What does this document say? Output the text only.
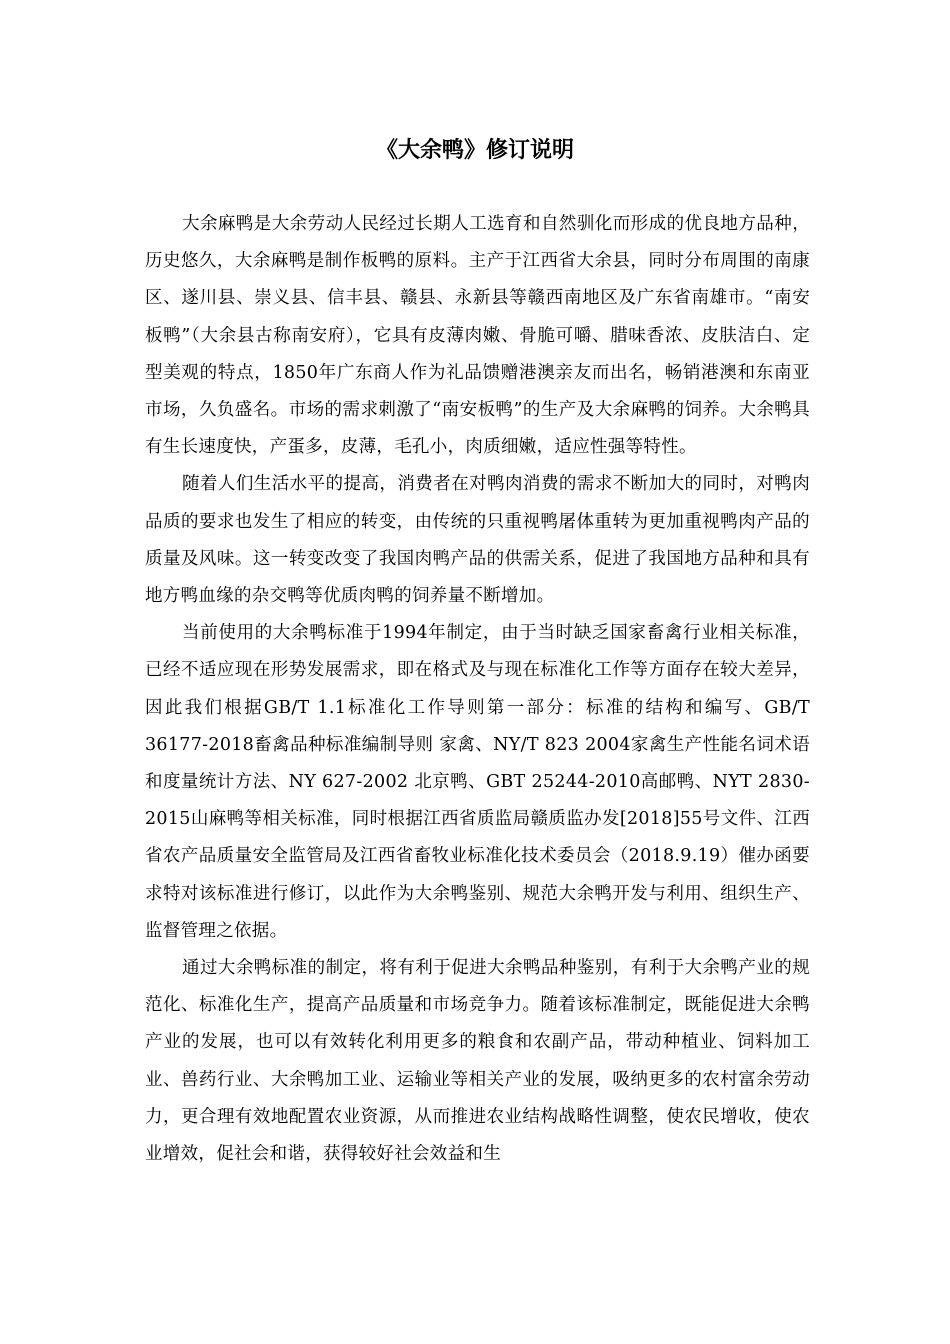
《大余鸭》修订说明

大余麻鸭是大余劳动人民经过长期人工选育和自然驯化而形成的优良地方品种，历史悠久，大余麻鸭是制作板鸭的原料。主产于江西省大余县，同时分布周围的南康区、遂川县、崇义县、信丰县、赣县、永新县等赣西南地区及广东省南雄市。“南安板鸭”（大余县古称南安府），它具有皮薄肉嫩、骨脆可嚼、腊味香浓、皮肤洁白、定型美观的特点，1850年广东商人作为礼品馈赠港澳亲友而出名，畅销港澳和东南亚市场，久负盛名。市场的需求刺激了“南安板鸭”的生产及大余麻鸭的饲养。大余鸭具有生长速度快，产蛋多，皮薄，毛孔小，肉质细嫩，适应性强等特性。

随着人们生活水平的提高，消费者在对鸭肉消费的需求不断加大的同时，对鸭肉品质的要求也发生了相应的转变，由传统的只重视鸭屠体重转为更加重视鸭肉产品的质量及风味。这一转变改变了我国肉鸭产品的供需关系，促进了我国地方品种和具有地方鸭血缘的杂交鸭等优质肉鸭的饲养量不断增加。

当前使用的大余鸭标准于1994年制定，由于当时缺乏国家畜禽行业相关标准，已经不适应现在形势发展需求，即在格式及与现在标准化工作等方面存在较大差异，因此我们根据GB/T 1.1标准化工作导则第一部分：标准的结构和编写、GB/T 36177-2018畜禽品种标准编制导则 家禽、NY/T 823 2004家禽生产性能名词术语和度量统计方法、NY 627-2002 北京鸭、GBT 25244-2010高邮鸭、NYT 2830-2015山麻鸭等相关标准，同时根据江西省质监局赣质监办发[2018]55号文件、江西省农产品质量安全监管局及江西省畜牧业标准化技术委员会（2018.9.19）催办函要求特对该标准进行修订，以此作为大余鸭鉴别、规范大余鸭开发与利用、组织生产、监督管理之依据。

通过大余鸭标准的制定，将有利于促进大余鸭品种鉴别，有利于大余鸭产业的规范化、标准化生产，提高产品质量和市场竞争力。随着该标准制定，既能促进大余鸭产业的发展，也可以有效转化利用更多的粮食和农副产品，带动种植业、饲料加工业、兽药行业、大余鸭加工业、运输业等相关产业的发展，吸纳更多的农村富余劳动力，更合理有效地配置农业资源，从而推进农业结构战略性调整，使农民增收，使农业增效，促社会和谐，获得较好社会效益和生
